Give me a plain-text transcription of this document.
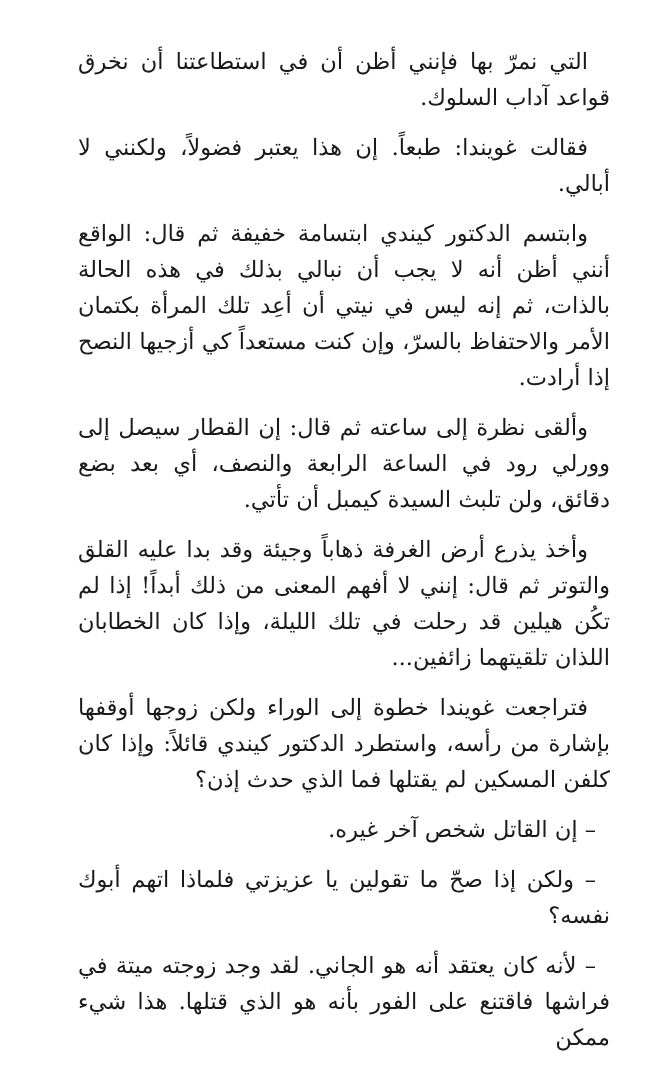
التي نمرّ بها فإنني أظن أن في استطاعتنا أن نخرق قواعد آداب السلوك.

فقالت غويندا: طبعاً. إن هذا يعتبر فضولاً، ولكنني لا أبالي.

وابتسم الدكتور كيندي ابتسامة خفيفة ثم قال: الواقع أنني أظن أنه لا يجب أن نبالي بذلك في هذه الحالة بالذات، ثم إنه ليس في نيتي أن أعِد تلك المرأة بكتمان الأمر والاحتفاظ بالسرّ، وإن كنت مستعداً كي أزجيها النصح إذا أرادت.

وألقى نظرة إلى ساعته ثم قال: إن القطار سيصل إلى وورلي رود في الساعة الرابعة والنصف، أي بعد بضع دقائق، ولن تلبث السيدة كيمبل أن تأتي.

وأخذ يذرع أرض الغرفة ذهاباً وجيئة وقد بدا عليه القلق والتوتر ثم قال: إنني لا أفهم المعنى من ذلك أبداً! إذا لم تكُن هيلين قد رحلت في تلك الليلة، وإذا كان الخطابان اللذان تلقيتهما زائفين...

فتراجعت غويندا خطوة إلى الوراء ولكن زوجها أوقفها بإشارة من رأسه، واستطرد الدكتور كيندي قائلاً: وإذا كان كلفن المسكين لم يقتلها فما الذي حدث إذن؟

– إن القاتل شخص آخر غيره.

– ولكن إذا صحّ ما تقولين يا عزيزتي فلماذا اتهم أبوك نفسه؟

– لأنه كان يعتقد أنه هو الجاني. لقد وجد زوجته ميتة في فراشها فاقتنع على الفور بأنه هو الذي قتلها. هذا شيء ممكن
